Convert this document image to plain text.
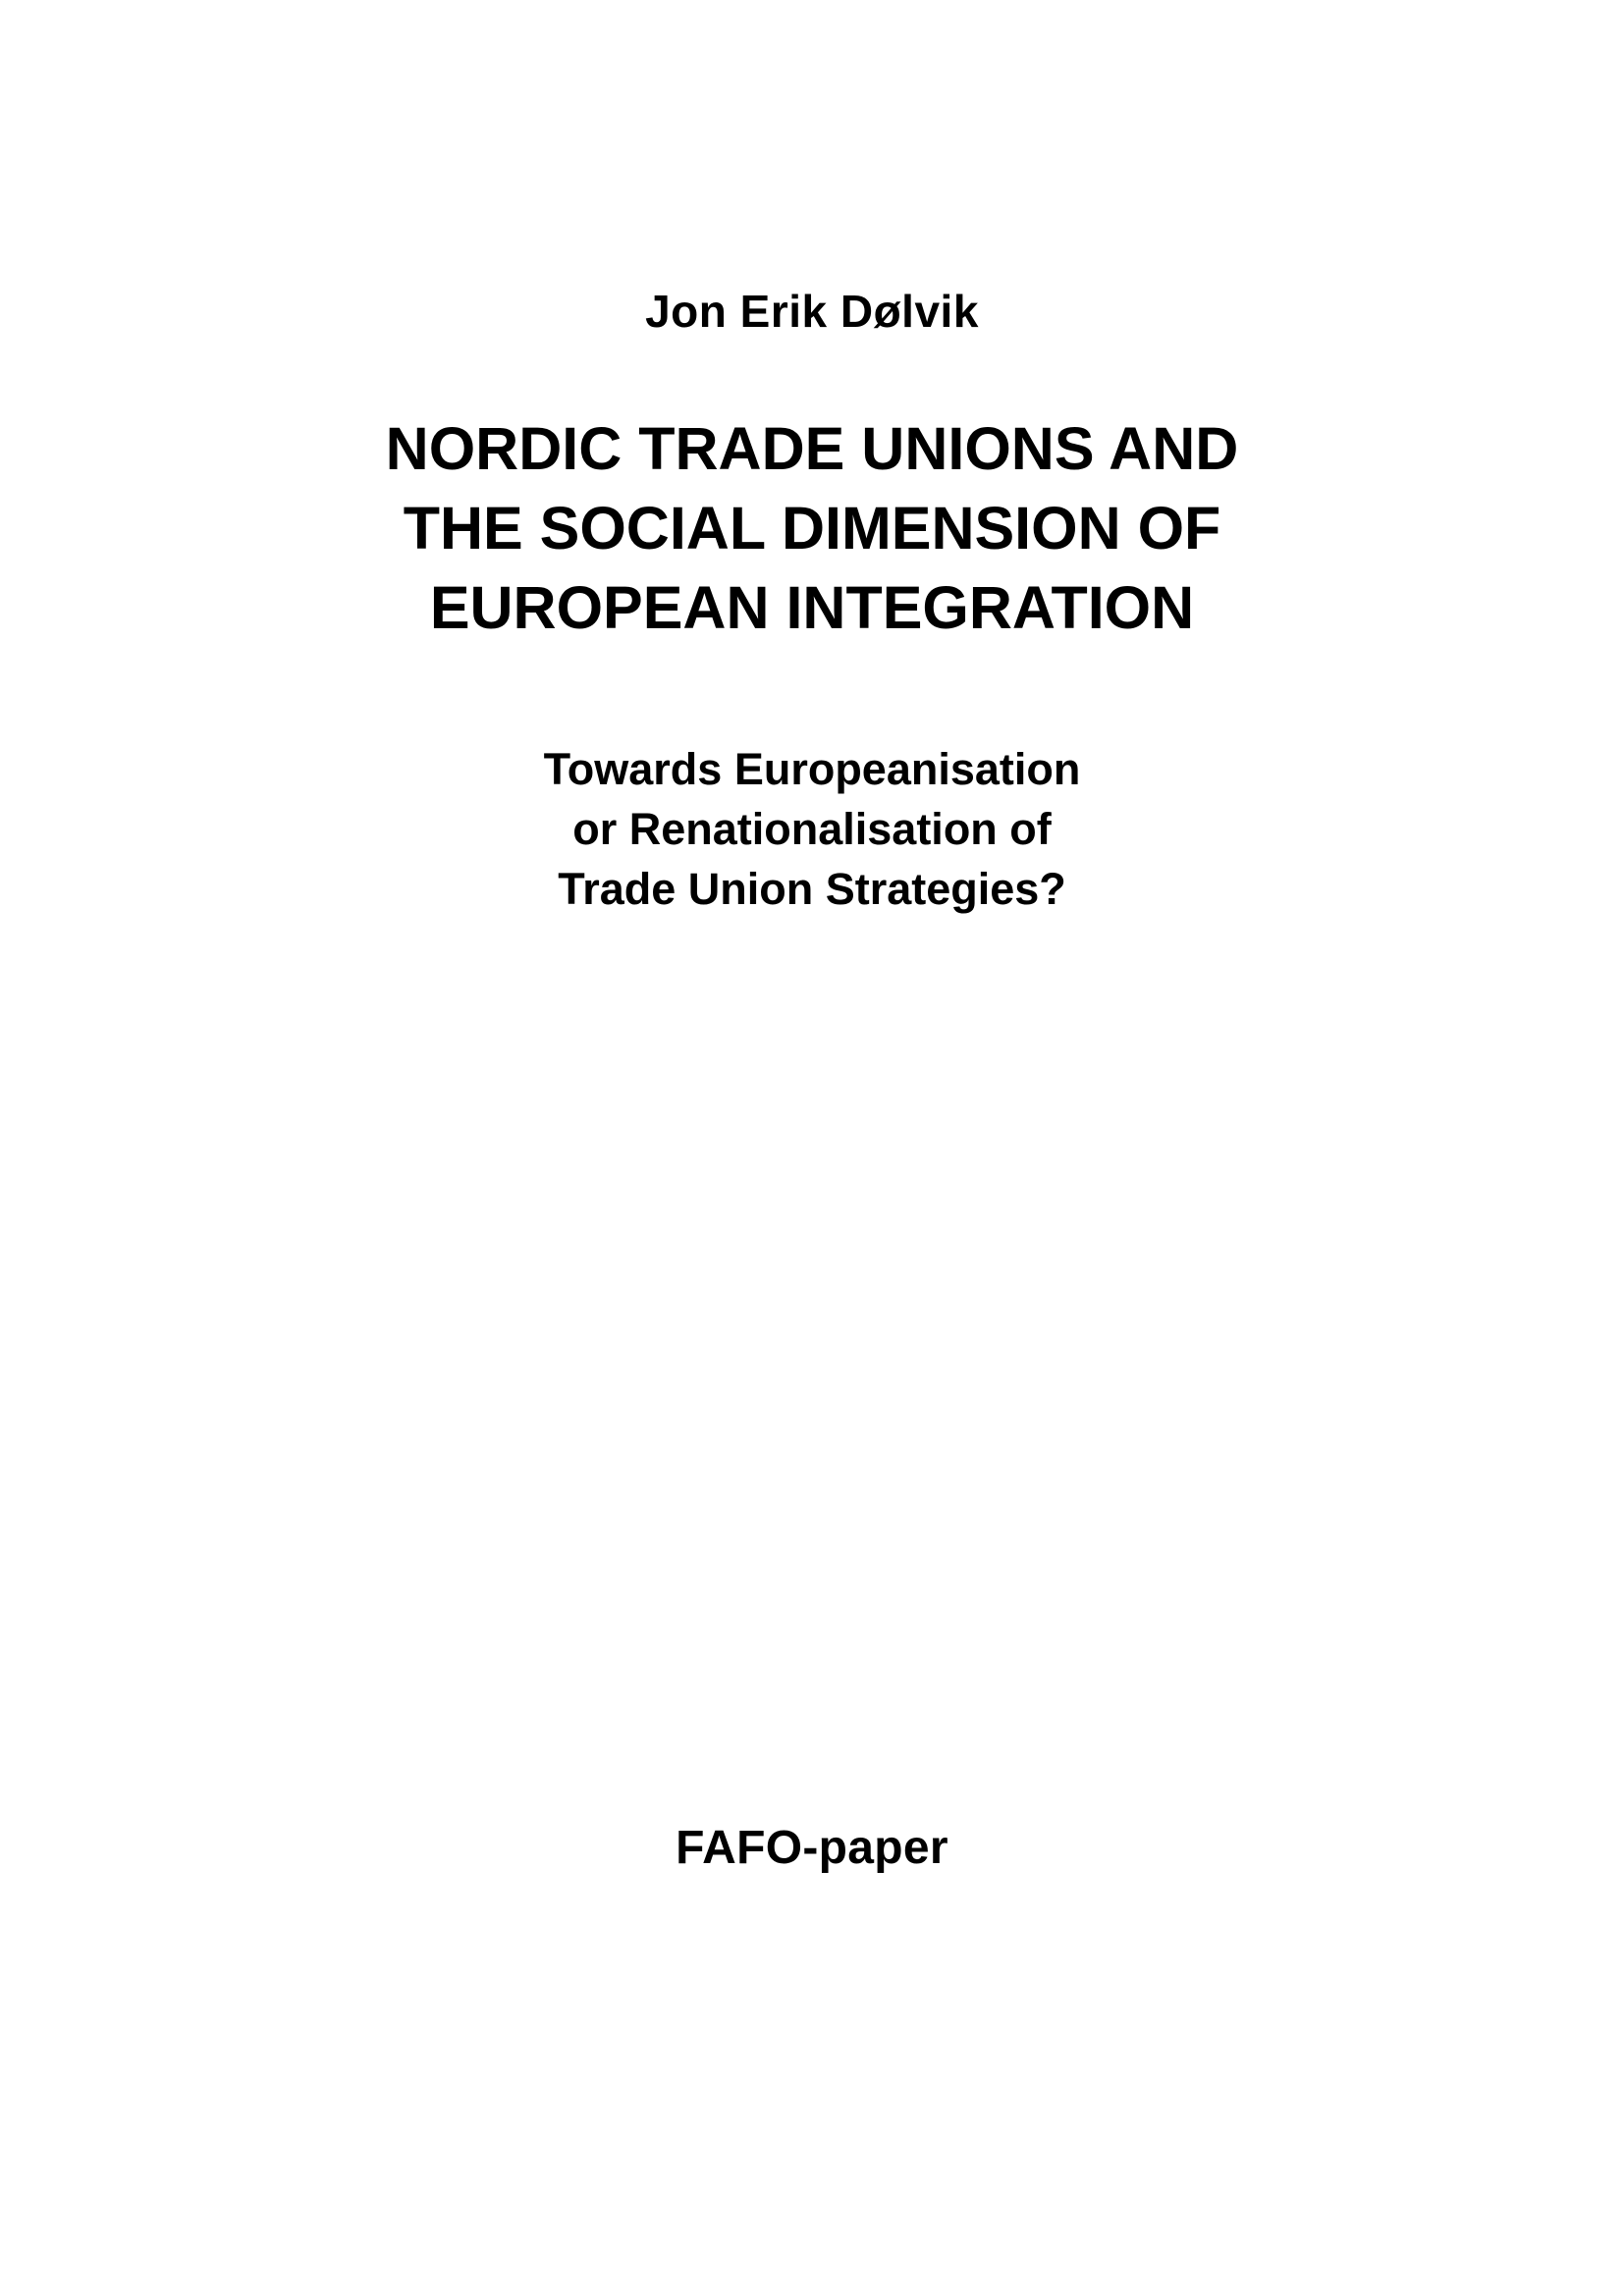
Jon Erik Dølvik
NORDIC TRADE UNIONS AND
THE SOCIAL DIMENSION OF
EUROPEAN INTEGRATION
Towards Europeanisation
or Renationalisation of
Trade Union Strategies?
FAFO-paper
